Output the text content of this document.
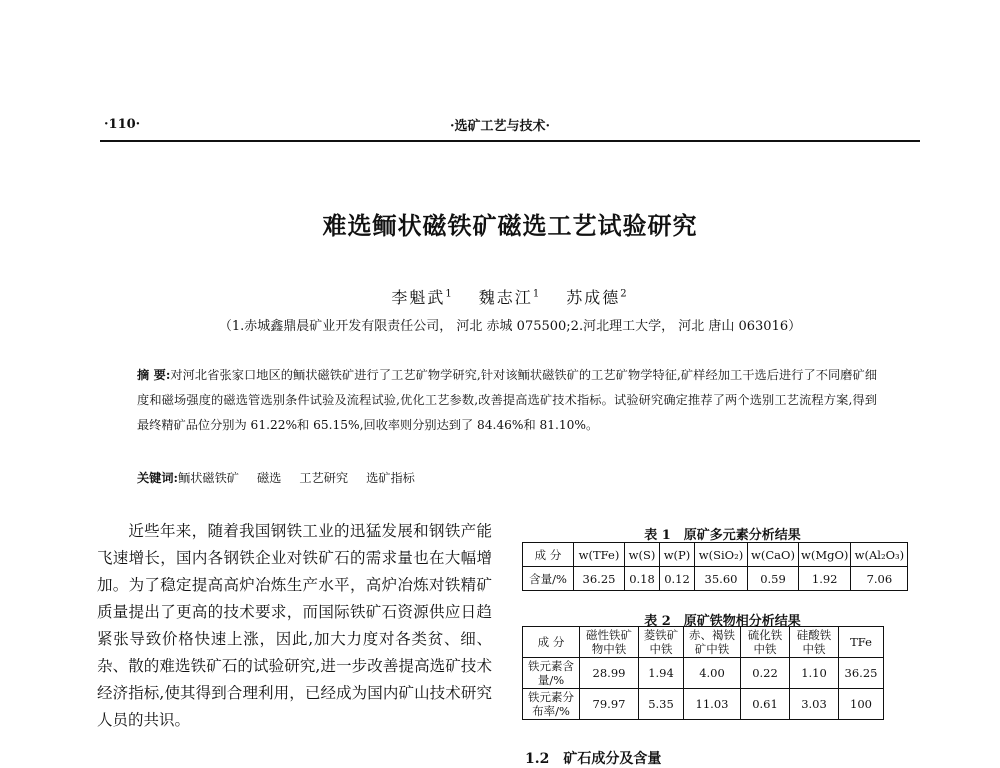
·110·	·选矿工艺与技术·
难选鲕状磁铁矿磁选工艺试验研究
李魁武$^1$　 魏志江$^1$　 苏成德$^2$
（1.赤城鑫鼎晨矿业开发有限责任公司， 河北 赤城 075500;2.河北理工大学， 河北 唐山 063016）
摘 要:对河北省张家口地区的鲕状磁铁矿进行了工艺矿物学研究,针对该鲕状磁铁矿的工艺矿物学特征,矿样经加工干选后进行了不同磨矿细度和磁场强度的磁选管选别条件试验及流程试验,优化工艺参数,改善提高选矿技术指标。试验研究确定推荐了两个选别工艺流程方案,得到最终精矿品位分别为 61.22%和 65.15%,回收率则分别达到了 84.46%和 81.10%。
关键词:鲕状磁铁矿 磁选 工艺研究 选矿指标
近些年来，随着我国钢铁工业的迅猛发展和钢铁产能飞速增长，国内各钢铁企业对铁矿石的需求量也在大幅增加。为了稳定提高高炉冶炼生产水平，高炉冶炼对铁精矿质量提出了更高的技术要求，而国际铁矿石资源供应日趋紧张导致价格快速上涨，因此,加大力度对各类贫、细、杂、散的难选铁矿石的试验研究,进一步改善提高选矿技术经济指标,使其得到合理利用，已经成为国内矿山技术研究人员的共识。
表 1　原矿多元素分析结果
成 分	w(TFe)	w(S)	w(P)	w(SiO₂)	w(CaO)	w(MgO)	w(Al₂O₃)
含量/%	36.25	0.18	0.12	35.60	0.59	1.92	7.06
表 2　原矿铁物相分析结果
成 分	磁性铁矿物中铁	菱铁矿中铁	赤、褐铁矿中铁	硫化铁中铁	硅酸铁中铁	TFe
铁元素含量/%	28.99	1.94	4.00	0.22	1.10	36.25
铁元素分布率/%	79.97	5.35	11.03	0.61	3.03	100
1.2　矿石成分及含量
